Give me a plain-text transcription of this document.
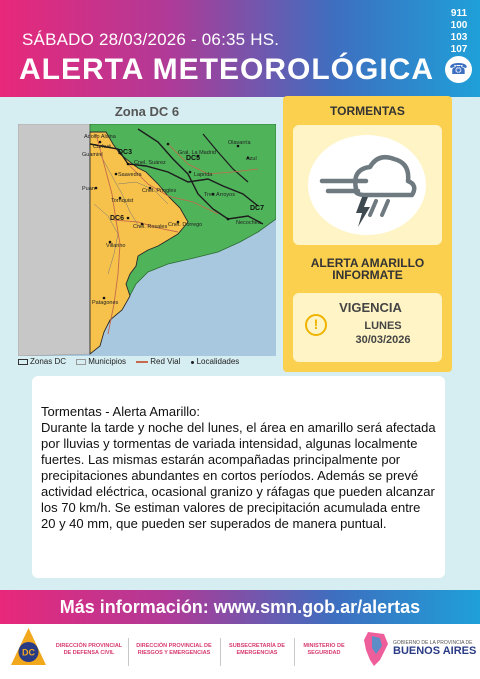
SÁBADO 28/03/2026 - 06:35 HS.
ALERTA METEOROLÓGICA
911
100
103
107
☎
Zona DC 6
Adolfo Alsina
Carhué
Cnel. Suárez
Saavedra
Puan	Cnel. Pringles
Tornquist
Cnel. Rosales Cnel. Dorrego
Villarino
Patagones
Gral. La Madrid
Laprida
Olavarría
Azul
Tres Arroyos
Guaminí
Necochea
DC3
DC5
DC7
DC6
Zonas DC	Municipios	Red Vial Localidades
TORMENTAS
ALERTA AMARILLO
INFORMATE
VIGENCIA
!	LUNES
30/03/2026

Tormentas - Alerta Amarillo:

Durante la tarde y noche del lunes, el área en amarillo será afectada por lluvias y tormentas de variada intensidad, algunas localmente fuertes. Las mismas estarán acompañadas principalmente por precipitaciones abundantes en cortos períodos. Además se prevé actividad eléctrica, ocasional granizo y ráfagas que pueden alcanzar los 70 km/h. Se estiman valores de precipitación acumulada entre 20 y 40 mm, que pueden ser superados de manera puntual.

Más información: www.smn.gob.ar/alertas
DC
DIRECCIÓN PROVINCIAL
DE DEFENSA CIVIL
DIRECCIÓN PROVINCIAL DE
RIESGOS Y EMERGENCIAS
SUBSECRETARÍA DE
EMERGENCIAS
MINISTERIO DE
SEGURIDAD
GOBIERNO DE LA PROVINCIA DE
BUENOS AIRES
